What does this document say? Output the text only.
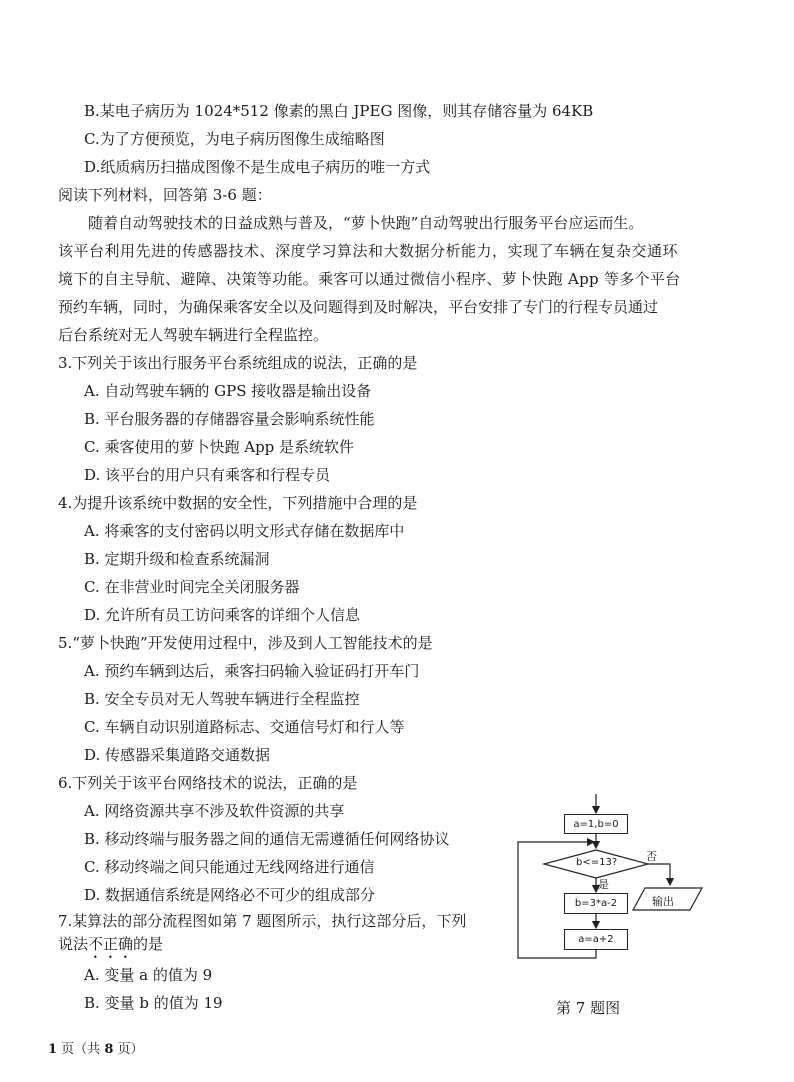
B.某电子病历为 1024*512 像素的黑白 JPEG 图像，则其存储容量为 64KB
C.为了方便预览，为电子病历图像生成缩略图
D.纸质病历扫描成图像不是生成电子病历的唯一方式
阅读下列材料，回答第 3-6 题：
随着自动驾驶技术的日益成熟与普及，“萝卜快跑”自动驾驶出行服务平台应运而生。
该平台利用先进的传感器技术、深度学习算法和大数据分析能力，实现了车辆在复杂交通环
境下的自主导航、避障、决策等功能。乘客可以通过微信小程序、萝卜快跑 App 等多个平台
预约车辆，同时，为确保乘客安全以及问题得到及时解决，平台安排了专门的行程专员通过
后台系统对无人驾驶车辆进行全程监控。
3.下列关于该出行服务平台系统组成的说法，正确的是
A. 自动驾驶车辆的 GPS 接收器是输出设备
B. 平台服务器的存储器容量会影响系统性能
C. 乘客使用的萝卜快跑 App 是系统软件
D. 该平台的用户只有乘客和行程专员
4.为提升该系统中数据的安全性，下列措施中合理的是
A. 将乘客的支付密码以明文形式存储在数据库中
B. 定期升级和检查系统漏洞
C. 在非营业时间完全关闭服务器
D. 允许所有员工访问乘客的详细个人信息
5.“萝卜快跑”开发使用过程中，涉及到人工智能技术的是
A. 预约车辆到达后，乘客扫码输入验证码打开车门
B. 安全专员对无人驾驶车辆进行全程监控
C. 车辆自动识别道路标志、交通信号灯和行人等
D. 传感器采集道路交通数据
6.下列关于该平台网络技术的说法，正确的是
A. 网络资源共享不涉及软件资源的共享
B. 移动终端与服务器之间的通信无需遵循任何网络协议
C. 移动终端之间只能通过无线网络进行通信
D. 数据通信系统是网络必不可少的组成部分
7.某算法的部分流程图如第 7 题图所示，执行这部分后，下列
说法不正确的是
A. 变量 a 的值为 9
B. 变量 b 的值为 19
a=1,b=0
b<=13?	否
是
输出
b=3*a-2
a=a+2
第 7 题图
1 页（共 8 页）
